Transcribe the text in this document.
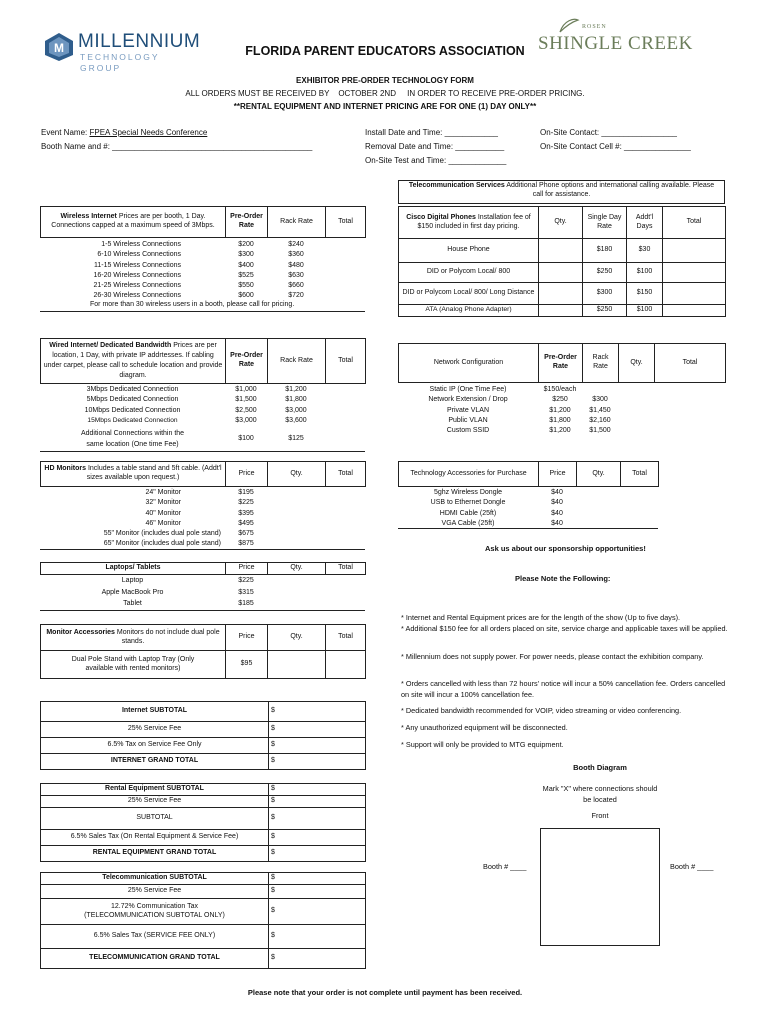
M MILLENNIUM
TECHNOLOGY GROUP
ROSEN
SHINGLE CREEK
FLORIDA PARENT EDUCATORS ASSOCIATION
EXHIBITOR PRE-ORDER TECHNOLOGY FORM
ALL ORDERS MUST BE RECEIVED BY OCTOBER 2ND IN ORDER TO RECEIVE PRE-ORDER PRICING.
**RENTAL EQUIPMENT AND INTERNET PRICING ARE FOR ONE (1) DAY ONLY**
Event Name: FPEA Special Needs Conference
Booth Name and #: _____________________________________________
Install Date and Time: ____________
Removal Date and Time: ___________
On-Site Test and Time: _____________
On-Site Contact: _________________
On-Site Contact Cell #: _______________
Wireless Internet Prices are per booth, 1 Day. Connections capped at a maximum speed of 3Mbps.	Pre-Order Rate	Rack Rate	Total
1-5 Wireless Connections	$200	$240	
6-10 Wireless Connections	$300	$360	
11-15 Wireless Connections	$400	$480	
16-20 Wireless Connections	$525	$630	
21-25 Wireless Connections	$550	$660	
26-30 Wireless Connections	$600	$720	
For more than 30 wireless users in a booth, please call for pricing.
Telecommunication Services Additional Phone options and international calling available. Please call for assistance.
Cisco Digital Phones Installation fee of $150 included in first day pricing.	Qty.	Single Day Rate	Addt'l Days	Total
House Phone		$180	$30	
DID or Polycom Local/ 800		$250	$100	
DID or Polycom Local/ 800/ Long Distance		$300	$150	
ATA (Analog Phone Adapter)		$250	$100	
Wired Internet/ Dedicated Bandwidth Prices are per location, 1 Day, with private IP addrtesses. If cabling under carpet, please call to schedule location and provide diagram.	Pre-Order Rate	Rack Rate	Total
3Mbps Dedicated Connection	$1,000	$1,200	
5Mbps Dedicated Connection	$1,500	$1,800	
10Mbps Dedicated Connection	$2,500	$3,000	
15Mbps Dedicated Connection	$3,000	$3,600	
Additional Connections within the same location (One time Fee)	$100	$125	
Network Configuration	Pre-Order Rate	Rack Rate	Qty.	Total
Static IP (One Time Fee)	$150/each			
Network Extension / Drop	$250	$300		
Private VLAN	$1,200	$1,450		
Public VLAN	$1,800	$2,160		
Custom SSID	$1,200	$1,500		
HD Monitors Includes a table stand and 5ft cable. (Addt'l sizes available upon request.)	Price	Qty.	Total
24" Monitor	$195		
32" Monitor	$225		
40" Monitor	$395		
46" Monitor	$495		
55" Monitor (includes dual pole stand)	$675		
65" Monitor (includes dual pole stand)	$875		
Technology Accessories for Purchase	Price	Qty.	Total
5ghz Wireless Dongle	$40		
USB to Ethernet Dongle	$40		
HDMI Cable (25ft)	$40		
VGA Cable (25ft)	$40		
Laptops/ Tablets	Price	Qty.	Total
Laptop	$225		
Apple MacBook Pro	$315		
Tablet	$185		
Monitor Accessories Monitors do not include dual pole stands.	Price	Qty.	Total
Dual Pole Stand with Laptop Tray (Only available with rented monitors)	$95		
Internet SUBTOTAL	$
25% Service Fee	$
6.5% Tax on Service Fee Only	$
INTERNET GRAND TOTAL	$
Rental Equipment SUBTOTAL	$
25% Service Fee	$
SUBTOTAL	$
6.5% Sales Tax (On Rental Equipment & Service Fee)	$
RENTAL EQUIPMENT GRAND TOTAL	$
Telecommunication SUBTOTAL	$
25% Service Fee	$
12.72% Communication Tax (TELECOMMUNICATION SUBTOTAL ONLY)	$
6.5% Sales Tax (SERVICE FEE ONLY)	$
TELECOMMUNICATION GRAND TOTAL	$
Ask us about our sponsorship opportunities!
Please Note the Following:
* Internet and Rental Equipment prices are for the length of the show (Up to five days).
* Additional $150 fee for all orders placed on site, service charge and applicable taxes will be applied.
* Millennium does not supply power. For power needs, please contact the exhibition company.
* Orders cancelled with less than 72 hours' notice will incur a 50% cancellation fee. Orders cancelled on site will incur a 100% cancellation fee.
* Dedicated bandwidth recommended for VOIP, video streaming or video conferencing.
* Any unauthorized equipment will be disconnected.
* Support will only be provided to MTG equipment.
Booth Diagram
Mark "X" where connections should be located
Front
Booth # ____	Booth # ____
Please note that your order is not complete until payment has been received.
